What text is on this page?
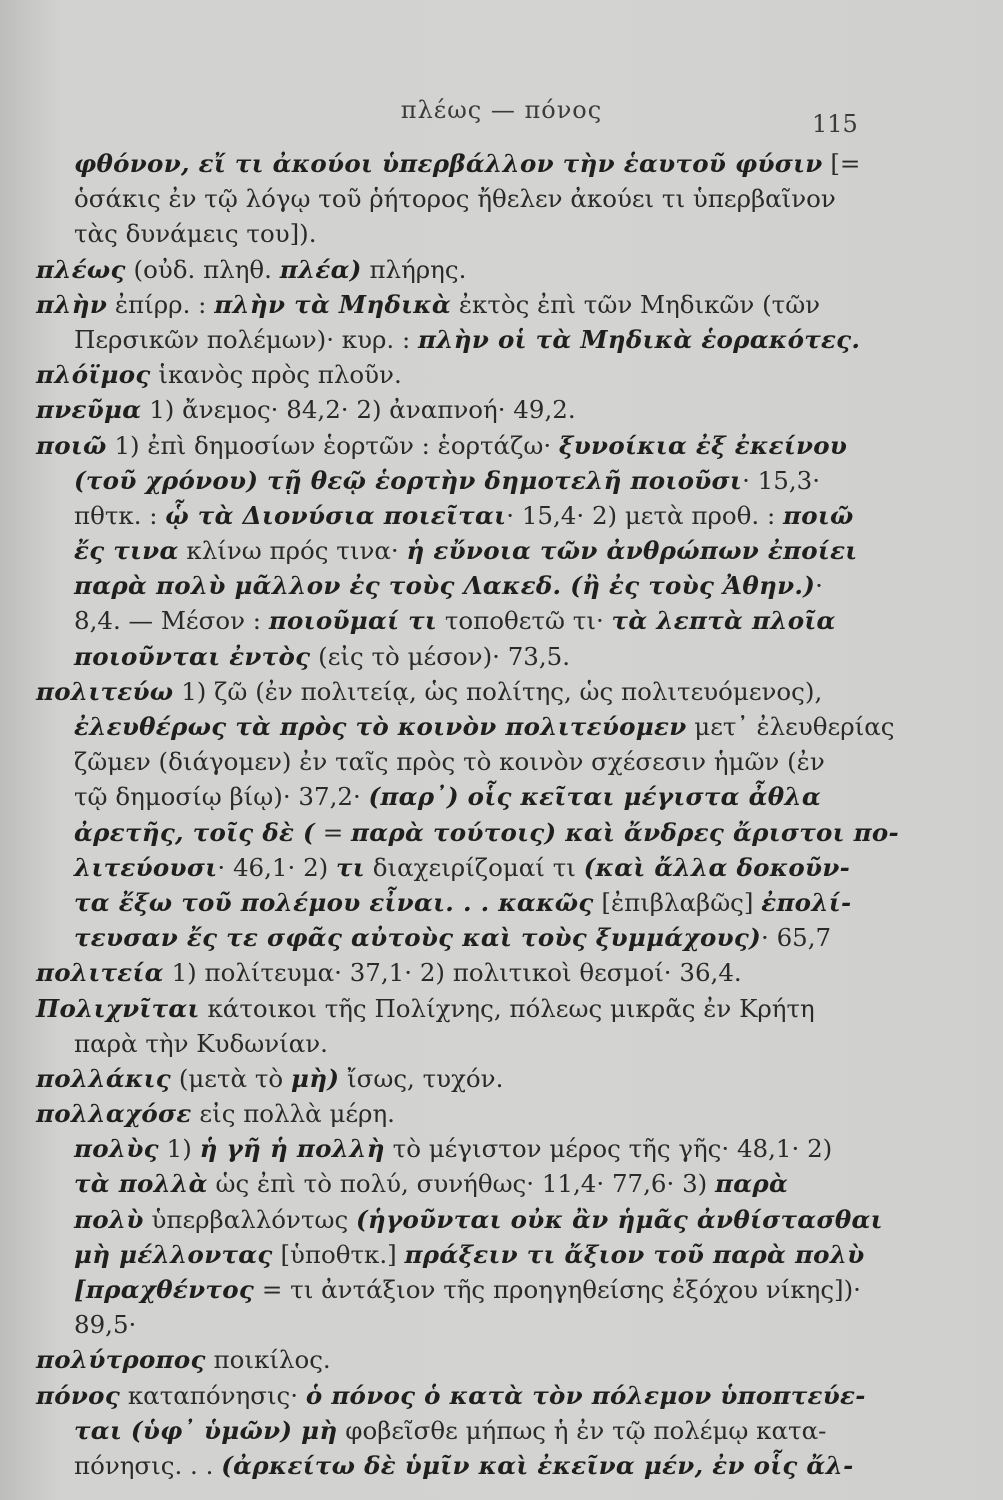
πλέως — πόνος	115
φθόνον, εἴ τι ἀκούοι ὑπερβάλλον τὴν ἑαυτοῦ φύσιν [=
ὁσάκις ἐν τῷ λόγῳ τοῦ ῥήτορος ἤθελεν ἀκούει τι ὑπερβαῖνον
τὰς δυνάμεις του]).
πλέως (οὐδ. πληθ. πλέα) πλήρης.
πλὴν ἐπίρρ. : πλὴν τὰ Μηδικὰ ἐκτὸς ἐπὶ τῶν Μηδικῶν (τῶν
Περσικῶν πολέμων)· κυρ. : πλὴν οἱ τὰ Μηδικὰ ἑορακότες.
πλόϊμος ἱκανὸς πρὸς πλοῦν.
πνεῦμα 1) ἄνεμος· 84,2· 2) ἀναπνοή· 49,2.
ποιῶ 1) ἐπὶ δημοσίων ἑορτῶν : ἑορτάζω· ξυνοίκια ἐξ ἐκείνου
(τοῦ χρόνου) τῇ θεῷ ἑορτὴν δημοτελῆ ποιοῦσι· 15,3·
πθτκ. : ᾧ τὰ Διονύσια ποιεῖται· 15,4· 2) μετὰ προθ. : ποιῶ
ἔς τινα κλίνω πρός τινα· ἡ εὔνοια τῶν ἀνθρώπων ἐποίει
παρὰ πολὺ μᾶλλον ἐς τοὺς Λακεδ. (ἢ ἐς τοὺς Ἀθην.)·
8,4. — Μέσον : ποιοῦμαί τι τοποθετῶ τι· τὰ λεπτὰ πλοῖα
ποιοῦνται ἐντὸς (εἰς τὸ μέσον)· 73,5.
πολιτεύω 1) ζῶ (ἐν πολιτείᾳ, ὡς πολίτης, ὡς πολιτευόμενος),
ἐλευθέρως τὰ πρὸς τὸ κοινὸν πολιτεύομεν μετ᾽ ἐλευθερίας
ζῶμεν (διάγομεν) ἐν ταῖς πρὸς τὸ κοινὸν σχέσεσιν ἡμῶν (ἐν
τῷ δημοσίῳ βίῳ)· 37,2· (παρ᾽) οἷς κεῖται μέγιστα ἆθλα
ἀρετῆς, τοῖς δὲ ( = παρὰ τούτοις) καὶ ἄνδρες ἄριστοι πο-
λιτεύουσι· 46,1· 2) τι διαχειρίζομαί τι (καὶ ἄλλα δοκοῦν-
τα ἔξω τοῦ πολέμου εἶναι. . . κακῶς [ἐπιβλαβῶς] ἐπολί-
τευσαν ἔς τε σφᾶς αὐτοὺς καὶ τοὺς ξυμμάχους)· 65,7
πολιτεία 1) πολίτευμα· 37,1· 2) πολιτικοὶ θεσμοί· 36,4.
Πολιχνῖται κάτοικοι τῆς Πολίχνης, πόλεως μικρᾶς ἐν Κρήτη
παρὰ τὴν Κυδωνίαν.
πολλάκις (μετὰ τὸ μὴ) ἴσως, τυχόν.
πολλαχόσε εἰς πολλὰ μέρη.
πολὺς 1) ἡ γῆ ἡ πολλὴ τὸ μέγιστον μέρος τῆς γῆς· 48,1· 2)
τὰ πολλὰ ὡς ἐπὶ τὸ πολύ, συνήθως· 11,4· 77,6· 3) παρὰ
πολὺ ὑπερβαλλόντως (ἡγοῦνται οὐκ ἂν ἡμᾶς ἀνθίστασθαι
μὴ μέλλοντας [ὑποθτκ.] πράξειν τι ἄξιον τοῦ παρὰ πολὺ
[πραχθέντος = τι ἀντάξιον τῆς προηγηθείσης ἐξόχου νίκης])·
89,5·
πολύτροπος ποικίλος.
πόνος καταπόνησις· ὁ πόνος ὁ κατὰ τὸν πόλεμον ὑποπτεύε-
ται (ὑφ᾽ ὑμῶν) μὴ φοβεῖσθε μήπως ἡ ἐν τῷ πολέμῳ κατα-
πόνησις. . . (ἀρκείτω δὲ ὑμῖν καὶ ἐκεῖνα μέν, ἐν οἷς ἄλ-
